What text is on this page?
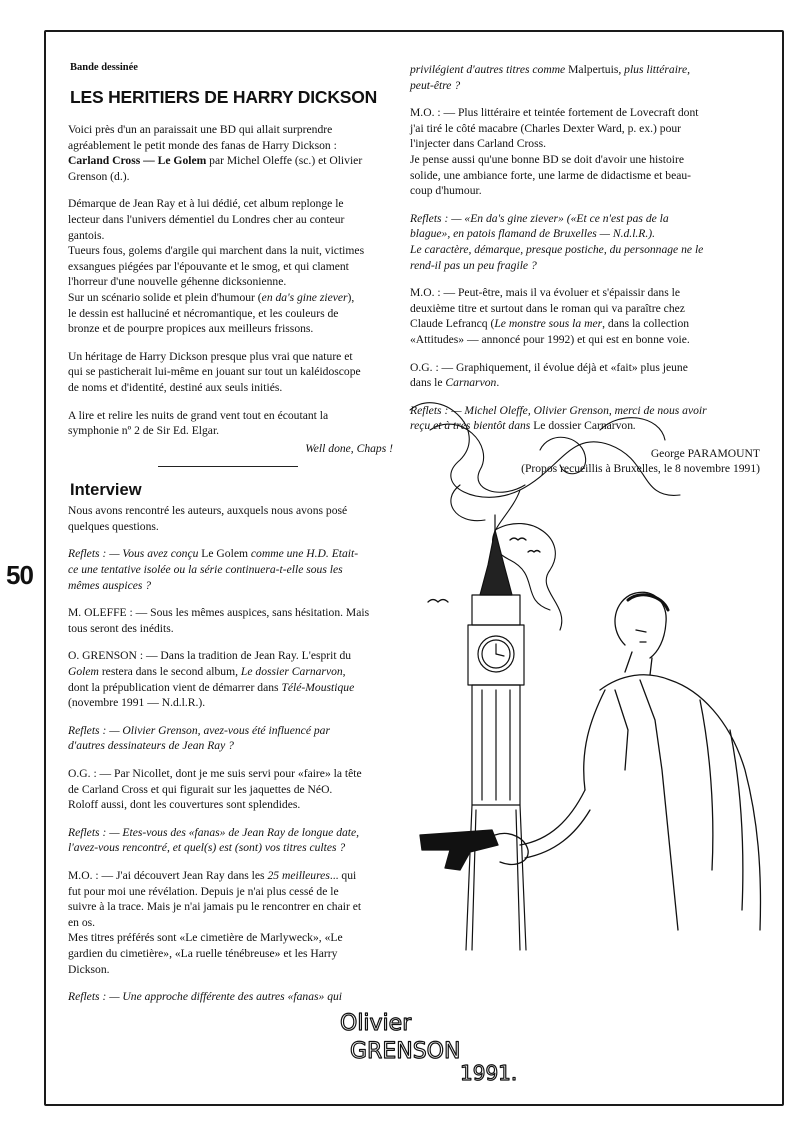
50
Bande dessinée
LES HERITIERS DE HARRY DICKSON

Voici près d'un an paraissait une BD qui allait surprendre
agréablement le petit monde des fanas de Harry Dickson :
Carland Cross — Le Golem par Michel Oleffe (sc.) et Olivier
Grenson (d.).

Démarque de Jean Ray et à lui dédié, cet album replonge le
lecteur dans l'univers démentiel du Londres cher au conteur
gantois.
Tueurs fous, golems d'argile qui marchent dans la nuit, victimes
exsangues piégées par l'épouvante et le smog, et qui clament
l'horreur d'une nouvelle géhenne dicksonienne.
Sur un scénario solide et plein d'humour (en da's gine ziever),
le dessin est halluciné et nécromantique, et les couleurs de
bronze et de pourpre propices aux meilleurs frissons.

Un héritage de Harry Dickson presque plus vrai que nature et
qui se pasticherait lui-même en jouant sur tout un kaléidoscope
de noms et d'identité, destiné aux seuls initiés.

A lire et relire les nuits de grand vent tout en écoutant la
symphonie nº 2 de Sir Ed. Elgar.

Well done, Chaps !

Interview

Nous avons rencontré les auteurs, auxquels nous avons posé
quelques questions.

Reflets : — Vous avez conçu Le Golem comme une H.D. Etait-
ce une tentative isolée ou la série continuera-t-elle sous les
mêmes auspices ?

M. OLEFFE : — Sous les mêmes auspices, sans hésitation. Mais
tous seront des inédits.

O. GRENSON : — Dans la tradition de Jean Ray. L'esprit du
Golem restera dans le second album, Le dossier Carnarvon,
dont la prépublication vient de démarrer dans Télé-Moustique
(novembre 1991 — N.d.l.R.).

Reflets : — Olivier Grenson, avez-vous été influencé par
d'autres dessinateurs de Jean Ray ?

O.G. : — Par Nicollet, dont je me suis servi pour «faire» la tête
de Carland Cross et qui figurait sur les jaquettes de NéO.
Roloff aussi, dont les couvertures sont splendides.

Reflets : — Etes-vous des «fanas» de Jean Ray de longue date,
l'avez-vous rencontré, et quel(s) est (sont) vos titres cultes ?

M.O. : — J'ai découvert Jean Ray dans les 25 meilleures... qui
fut pour moi une révélation. Depuis je n'ai plus cessé de le
suivre à la trace. Mais je n'ai jamais pu le rencontrer en chair et
en os.
Mes titres préférés sont «Le cimetière de Marlyweck», «Le
gardien du cimetière», «La ruelle ténébreuse» et les Harry
Dickson.

Reflets : — Une approche différente des autres «fanas» qui

privilégient d'autres titres comme Malpertuis, plus littéraire,
peut-être ?

M.O. : — Plus littéraire et teintée fortement de Lovecraft dont
j'ai tiré le côté macabre (Charles Dexter Ward, p. ex.) pour
l'injecter dans Carland Cross.
Je pense aussi qu'une bonne BD se doit d'avoir une histoire
solide, une ambiance forte, une larme de didactisme et beau-
coup d'humour.

Reflets : — «En da's gine ziever» («Et ce n'est pas de la
blague», en patois flamand de Bruxelles — N.d.l.R.).
Le caractère, démarque, presque postiche, du personnage ne le
rend-il pas un peu fragile ?

M.O. : — Peut-être, mais il va évoluer et s'épaissir dans le
deuxième titre et surtout dans le roman qui va paraître chez
Claude Lefrancq (Le monstre sous la mer, dans la collection
«Attitudes» — annoncé pour 1992) et qui est en bonne voie.

O.G. : — Graphiquement, il évolue déjà et «fait» plus jeune
dans le Carnarvon.

Reflets : — Michel Oleffe, Olivier Grenson, merci de nous avoir
reçu et à très bientôt dans Le dossier Carnarvon.

George PARAMOUNT

(Propos recueillis à Bruxelles, le 8 novembre 1991)

Olivier
GRENSON
1991.
